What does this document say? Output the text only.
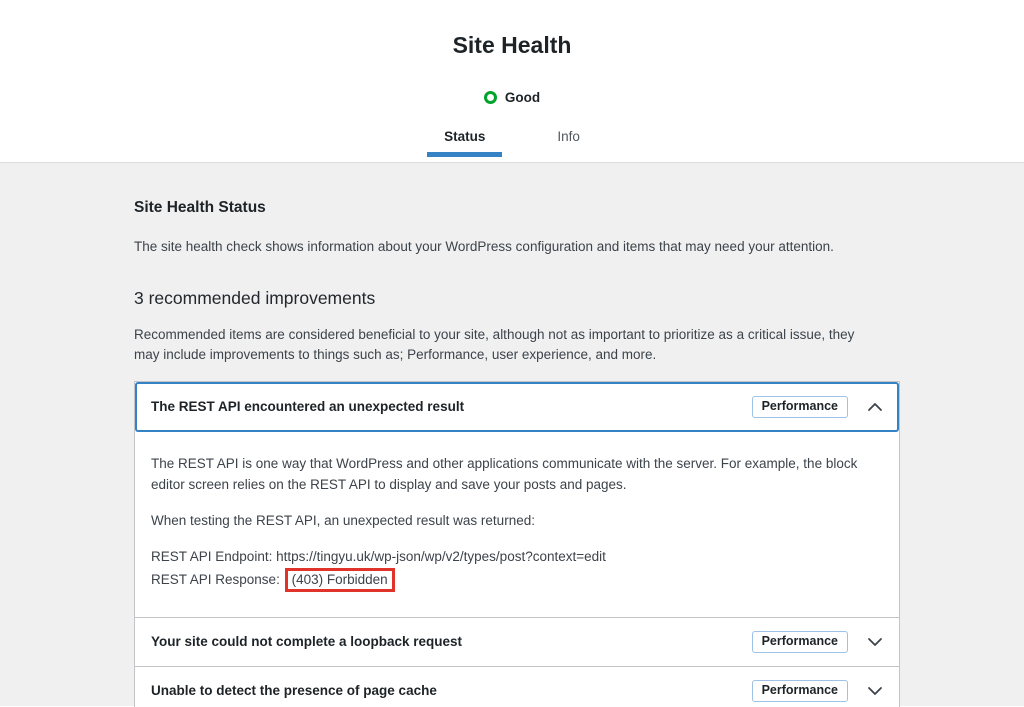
Site Health
Good
Status	Info
Site Health Status

The site health check shows information about your WordPress configuration and items that may need your attention.

3 recommended improvements

Recommended items are considered beneficial to your site, although not as important to prioritize as a critical issue, they may include improvements to things such as; Performance, user experience, and more.

The REST API encountered an unexpected result	Performance

The REST API is one way that WordPress and other applications communicate with the server. For example, the block editor screen relies on the REST API to display and save your posts and pages.

When testing the REST API, an unexpected result was returned:

REST API Endpoint: https://tingyu.uk/wp-json/wp/v2/types/post?context=edit
REST API Response: (403) Forbidden
Your site could not complete a loopback request	Performance
Unable to detect the presence of page cache	Performance
